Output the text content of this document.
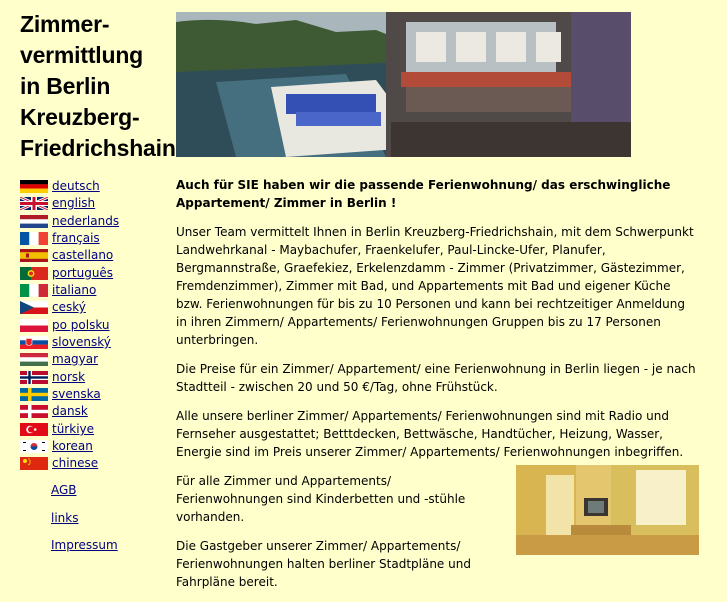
Zimmer-
vermittlung
in Berlin
Kreuzberg-
Friedrichshain
deutsch
english
nederlands
français
castellano
português
italiano
ceský
po polsku
slovenský
magyar
norsk
svenska
dansk
türkiye
korean
chinese
AGB
links
Impressum

Auch für SIE haben wir die passende Ferienwohnung/ das erschwingliche Appartement/ Zimmer in Berlin !

Unser Team vermittelt Ihnen in Berlin Kreuzberg-Friedrichshain, mit dem Schwerpunkt Landwehrkanal - Maybachufer, Fraenkelufer, Paul-Lincke-Ufer, Planufer, Bergmannstraße, Graefekiez, Erkelenzdamm - Zimmer (Privatzimmer, Gästezimmer, Fremdenzimmer), Zimmer mit Bad, und Appartements mit Bad und eigener Küche bzw. Ferienwohnungen für bis zu 10 Personen und kann bei rechtzeitiger Anmeldung in ihren Zimmern/ Appartements/ Ferienwohnungen Gruppen bis zu 17 Personen unterbringen.

Die Preise für ein Zimmer/ Appartement/ eine Ferienwohnung in Berlin liegen - je nach Stadtteil - zwischen 20 und 50 €/Tag, ohne Frühstück.

Alle unsere berliner Zimmer/ Appartements/ Ferienwohnungen sind mit Radio und Fernseher ausgestattet; Betttdecken, Bettwäsche, Handtücher, Heizung, Wasser, Energie sind im Preis unserer Zimmer/ Appartements/ Ferienwohnungen inbegriffen.

Für alle Zimmer und Appartements/ Ferienwohnungen sind Kinderbetten und -stühle vorhanden.

Die Gastgeber unserer Zimmer/ Appartements/ Ferienwohnungen halten berliner Stadtpläne und Fahrpläne bereit.
